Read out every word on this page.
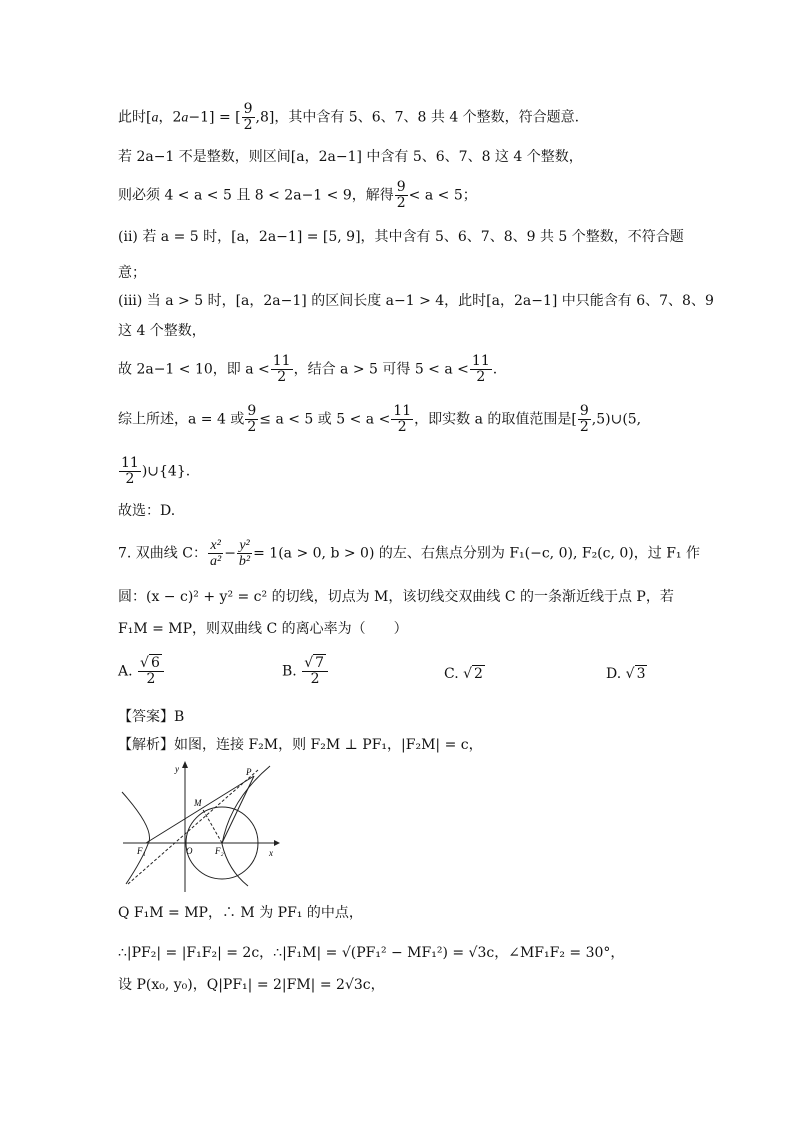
此时[a，2a−1] = [ $\frac{9}{2} ,8$]，其中含有 5、6、7、8 共 4 个整数，符合题意.
若 2a−1 不是整数，则区间[a，2a−1] 中含有 5、6、7、8 这 4 个整数，
则必须 4 < a < 5 且 8 < 2a−1 < 9，解得 $\frac{9}{2} < a < 5$；
(ii) 若 a = 5 时，[a，2a−1] = [5, 9]，其中含有 5、6、7、8、9 共 5 个整数，不符合题
意；
(iii) 当 a > 5 时，[a，2a−1] 的区间长度 a−1 > 4，此时[a，2a−1] 中只能含有 6、7、8、9
这 4 个整数，
故 2a−1 < 10，即 $a < \frac{11}{2}$ ，结合 a > 5 可得 $5 < a < \frac{11}{2}$ .
综上所述，a = 4 或 $\frac{9}{2} \le a < 5$ 或 $5 < a < \frac{11}{2}$ ，即实数 a 的取值范围是[ $\frac{9}{2}$ ,5)∪(5,
$\frac{11}{2}$ )∪{4}.
故选：D.
7. 双曲线 C： $\frac{\text{x²}}{\text{a²}} - \frac{\text{y²}}{\text{b²}} = 1(a > 0$, b > 0) 的左、右焦点分别为 F₁(−c, 0), F₂(c, 0)，过 F₁ 作
圆：(x − c)² + y² = c² 的切线，切点为 M，该切线交双曲线 C 的一条渐近线于点 P，若
F₁M = MP，则双曲线 C 的离心率为（　　）
A. $\frac{√ 6}{2}$	B. $\frac{√ 7}{2}$	C. √ 2	D. √ 3
【答案】B
【解析】如图，连接 F₂M，则 F₂M ⊥ PF₁，|F₂M| = c，
y
x
P
M
O
F₁	F₂
Q F₁M = MP，∴ M 为 PF₁ 的中点，
∴|PF₂| = |F₁F₂| = 2c，∴|F₁M| = √(PF₁² − MF₁²) = √3c，∠MF₁F₂ = 30°，
设 P(x₀, y₀)，Q|PF₁| = 2|FM| = 2√3c，
